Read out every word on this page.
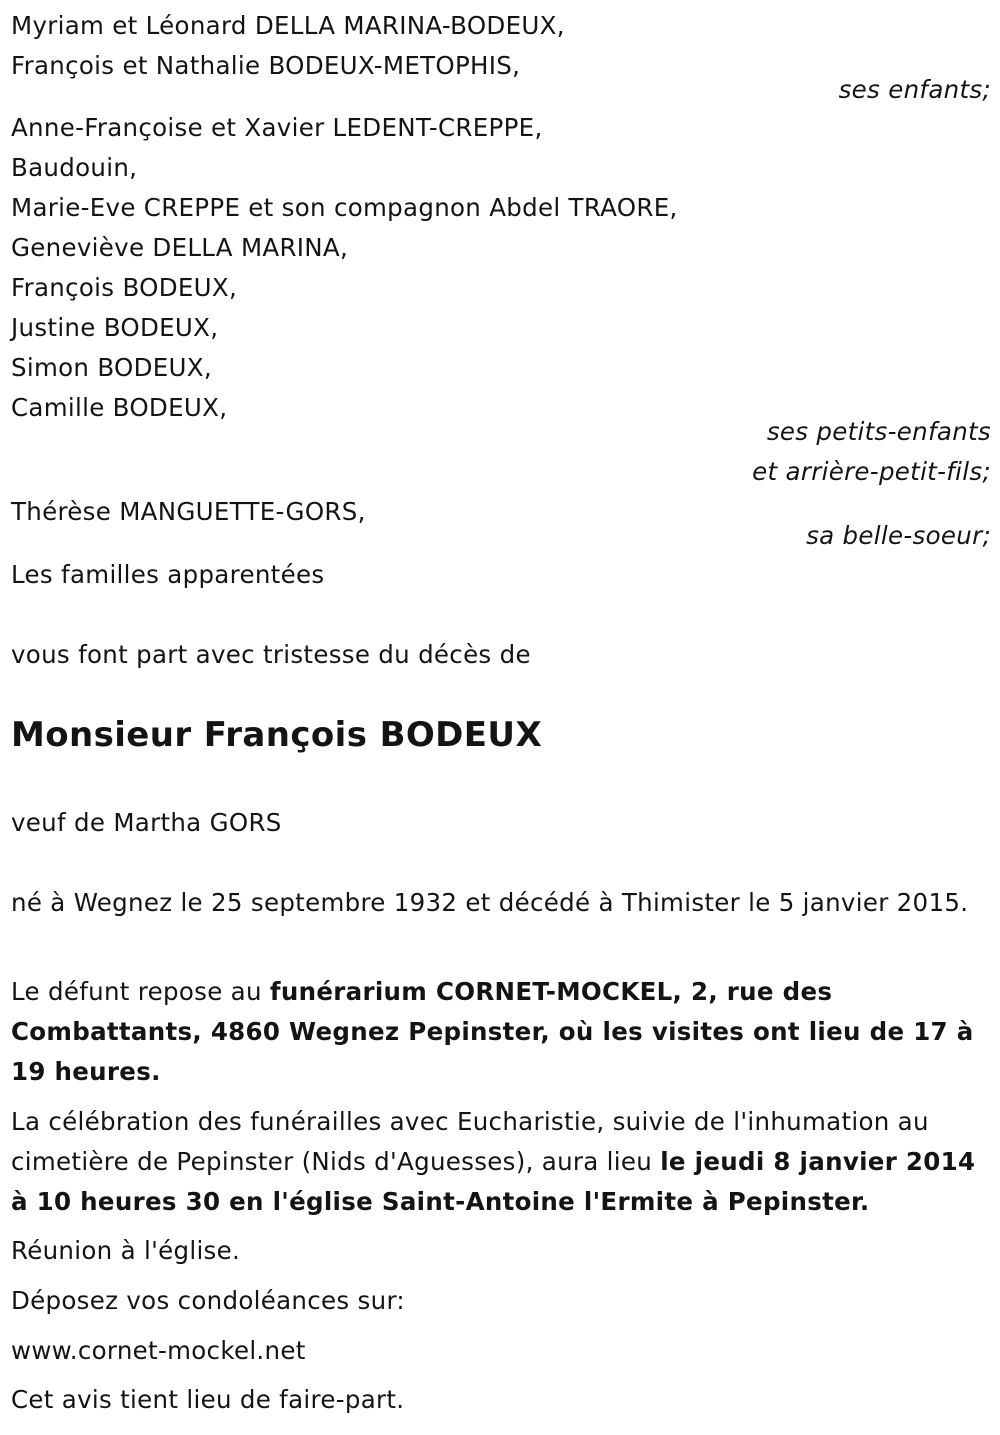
Myriam et Léonard DELLA MARINA-BODEUX,
François et Nathalie BODEUX-METOPHIS,
ses enfants;
Anne-Françoise et Xavier LEDENT-CREPPE,
Baudouin,
Marie-Eve CREPPE et son compagnon Abdel TRAORE,
Geneviève DELLA MARINA,
François BODEUX,
Justine BODEUX,
Simon BODEUX,
Camille BODEUX,
ses petits-enfants
et arrière-petit-fils;
Thérèse MANGUETTE-GORS,
sa belle-soeur;
Les familles apparentées
vous font part avec tristesse du décès de
Monsieur François BODEUX
veuf de Martha GORS
né à Wegnez le 25 septembre 1932 et décédé à Thimister le 5 janvier 2015.
Le défunt repose au funérarium CORNET-MOCKEL, 2, rue des Combattants, 4860 Wegnez Pepinster, où les visites ont lieu de 17 à 19 heures.
La célébration des funérailles avec Eucharistie, suivie de l'inhumation au cimetière de Pepinster (Nids d'Aguesses), aura lieu le jeudi 8 janvier 2014 à 10 heures 30 en l'église Saint-Antoine l'Ermite à Pepinster.
Réunion à l'église.
Déposez vos condoléances sur:
www.cornet-mockel.net
Cet avis tient lieu de faire-part.
